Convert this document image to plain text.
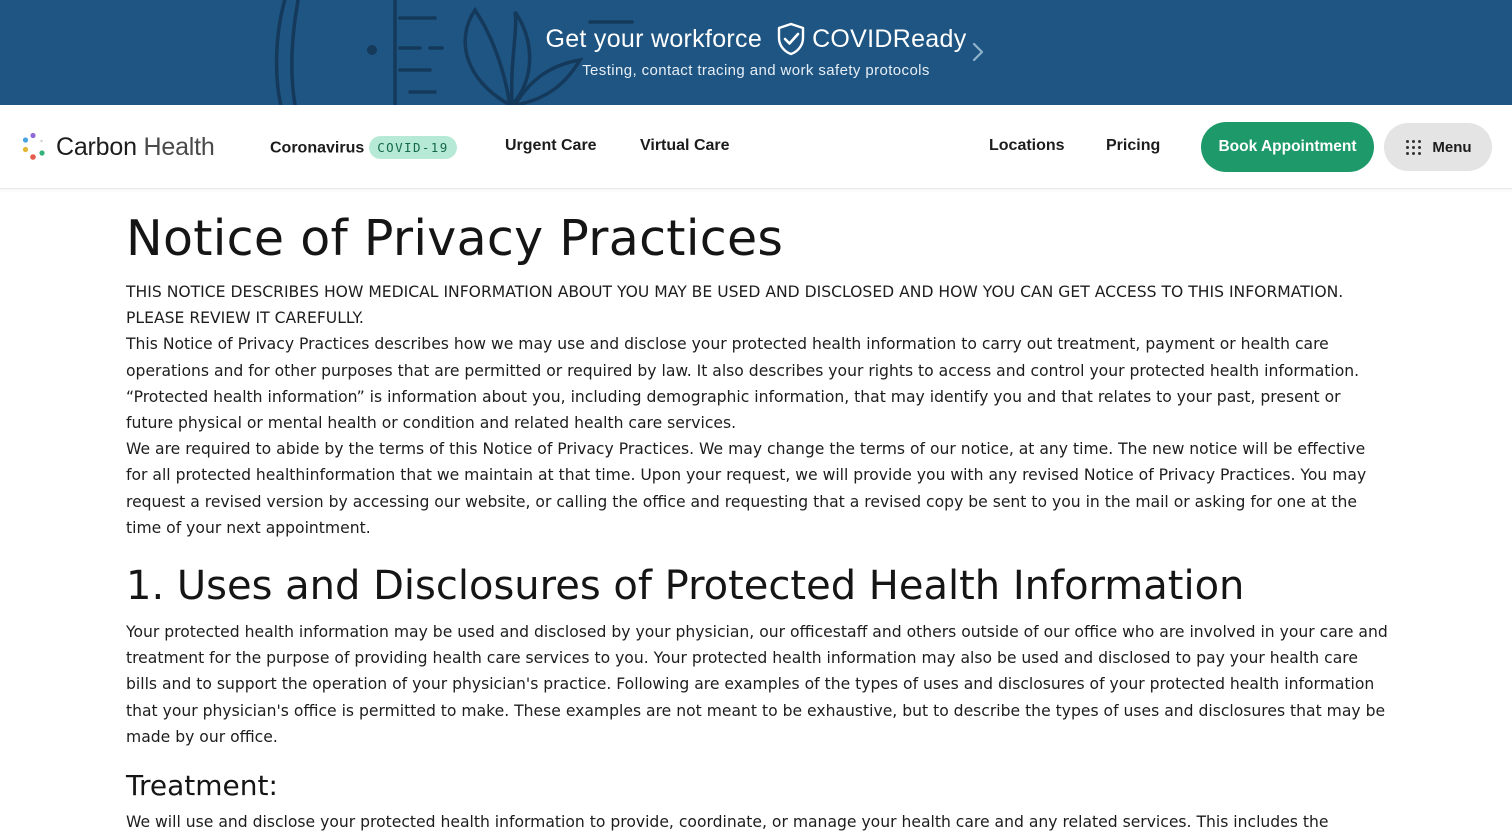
Get your workforce COVIDReady
Testing, contact tracing and work safety protocols
Carbon Health	Coronavirus COVID-19	Urgent Care	Virtual Care	Locations	Pricing	Book Appointment	Menu
Notice of Privacy Practices

THIS NOTICE DESCRIBES HOW MEDICAL INFORMATION ABOUT YOU MAY BE USED AND DISCLOSED AND HOW YOU CAN GET ACCESS TO THIS INFORMATION. PLEASE REVIEW IT CAREFULLY.

This Notice of Privacy Practices describes how we may use and disclose your protected health information to carry out treatment, payment or health care operations and for other purposes that are permitted or required by law. It also describes your rights to access and control your protected health information. “Protected health information” is information about you, including demographic information, that may identify you and that relates to your past, present or future physical or mental health or condition and related health care services.

We are required to abide by the terms of this Notice of Privacy Practices. We may change the terms of our notice, at any time. The new notice will be effective for all protected healthinformation that we maintain at that time. Upon your request, we will provide you with any revised Notice of Privacy Practices. You may request a revised version by accessing our website, or calling the office and requesting that a revised copy be sent to you in the mail or asking for one at the time of your next appointment.

1. Uses and Disclosures of Protected Health Information

Your protected health information may be used and disclosed by your physician, our officestaff and others outside of our office who are involved in your care and treatment for the purpose of providing health care services to you. Your protected health information may also be used and disclosed to pay your health care bills and to support the operation of your physician's practice. Following are examples of the types of uses and disclosures of your protected health information that your physician's office is permitted to make. These examples are not meant to be exhaustive, but to describe the types of uses and disclosures that may be made by our office.

Treatment:

We will use and disclose your protected health information to provide, coordinate, or manage your health care and any related services. This includes the
